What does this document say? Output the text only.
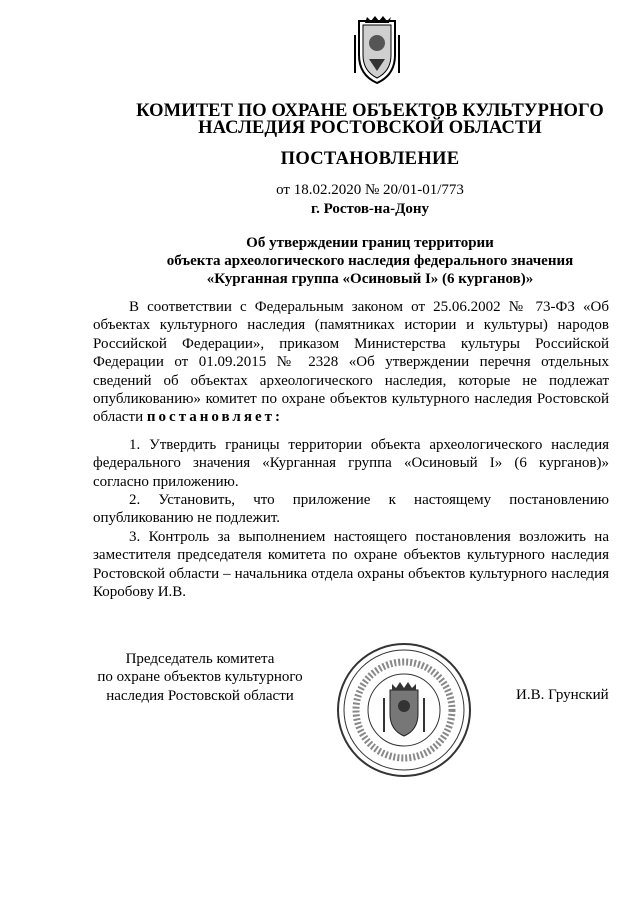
КОМИТЕТ ПО ОХРАНЕ ОБЪЕКТОВ КУЛЬТУРНОГО
НАСЛЕДИЯ РОСТОВСКОЙ ОБЛАСТИ
ПОСТАНОВЛЕНИЕ
от 18.02.2020 № 20/01-01/773
г. Ростов-на-Дону
Об утверждении границ территории
объекта археологического наследия федерального значения
«Курганная группа «Осиновый I» (6 курганов)»
В соответствии с Федеральным законом от 25.06.2002 № 73-ФЗ «Об объектах культурного наследия (памятниках истории и культуры) народов Российской Федерации», приказом Министерства культуры Российской Федерации от 01.09.2015 № 2328 «Об утверждении перечня отдельных сведений об объектах археологического наследия, которые не подлежат опубликованию» комитет по охране объектов культурного наследия Ростовской области постановляет:
1. Утвердить границы территории объекта археологического наследия федерального значения «Курганная группа «Осиновый I» (6 курганов)» согласно приложению.
2. Установить, что приложение к настоящему постановлению опубликованию не подлежит.
3. Контроль за выполнением настоящего постановления возложить на заместителя председателя комитета по охране объектов культурного наследия Ростовской области – начальника отдела охраны объектов культурного наследия Коробову И.В.
Председатель комитета
по охране объектов культурного
наследия Ростовской области	И.В. Грунский
